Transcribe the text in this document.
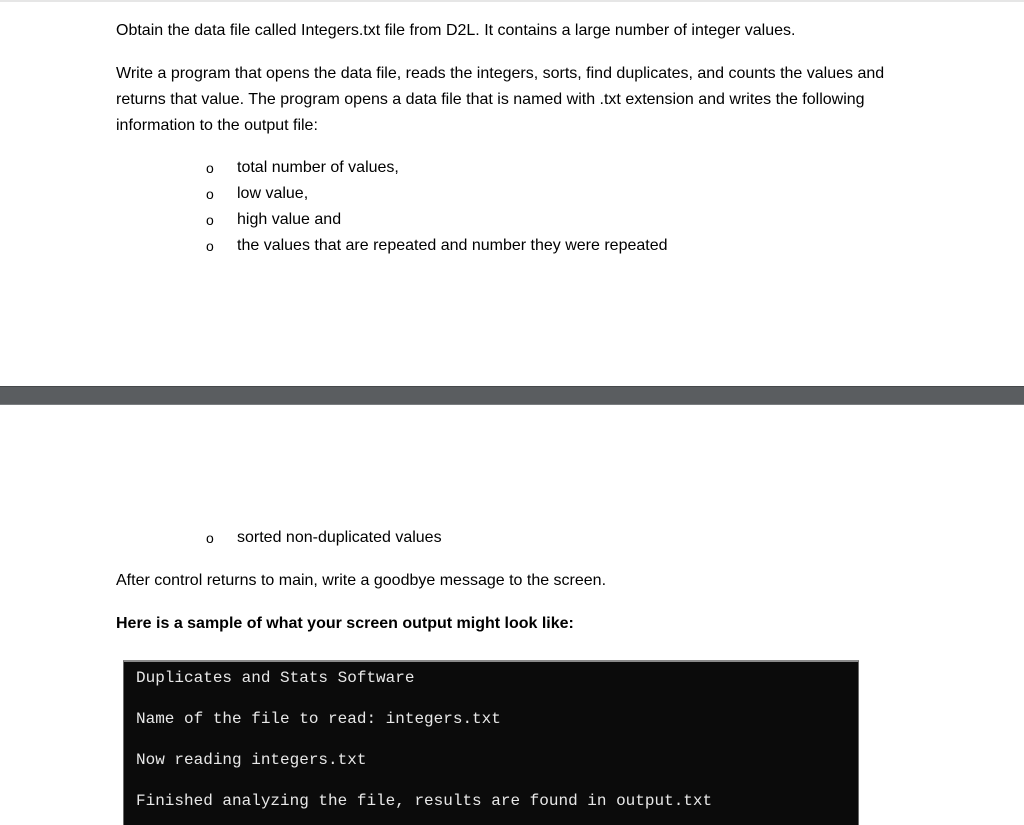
Obtain the data file called Integers.txt file from D2L. It contains a large number of integer values.

Write a program that opens the data file, reads the integers, sorts, find duplicates, and counts the values and returns that value. The program opens a data file that is named with .txt extension and writes the following information to the output file:

o total number of values,
o low value,
o high value and
o the values that are repeated and number they were repeated
o sorted non-duplicated values

After control returns to main, write a goodbye message to the screen.

Here is a sample of what your screen output might look like:

Duplicates and Stats Software
Name of the file to read: integers.txt
Now reading integers.txt
Finished analyzing the file, results are found in output.txt
